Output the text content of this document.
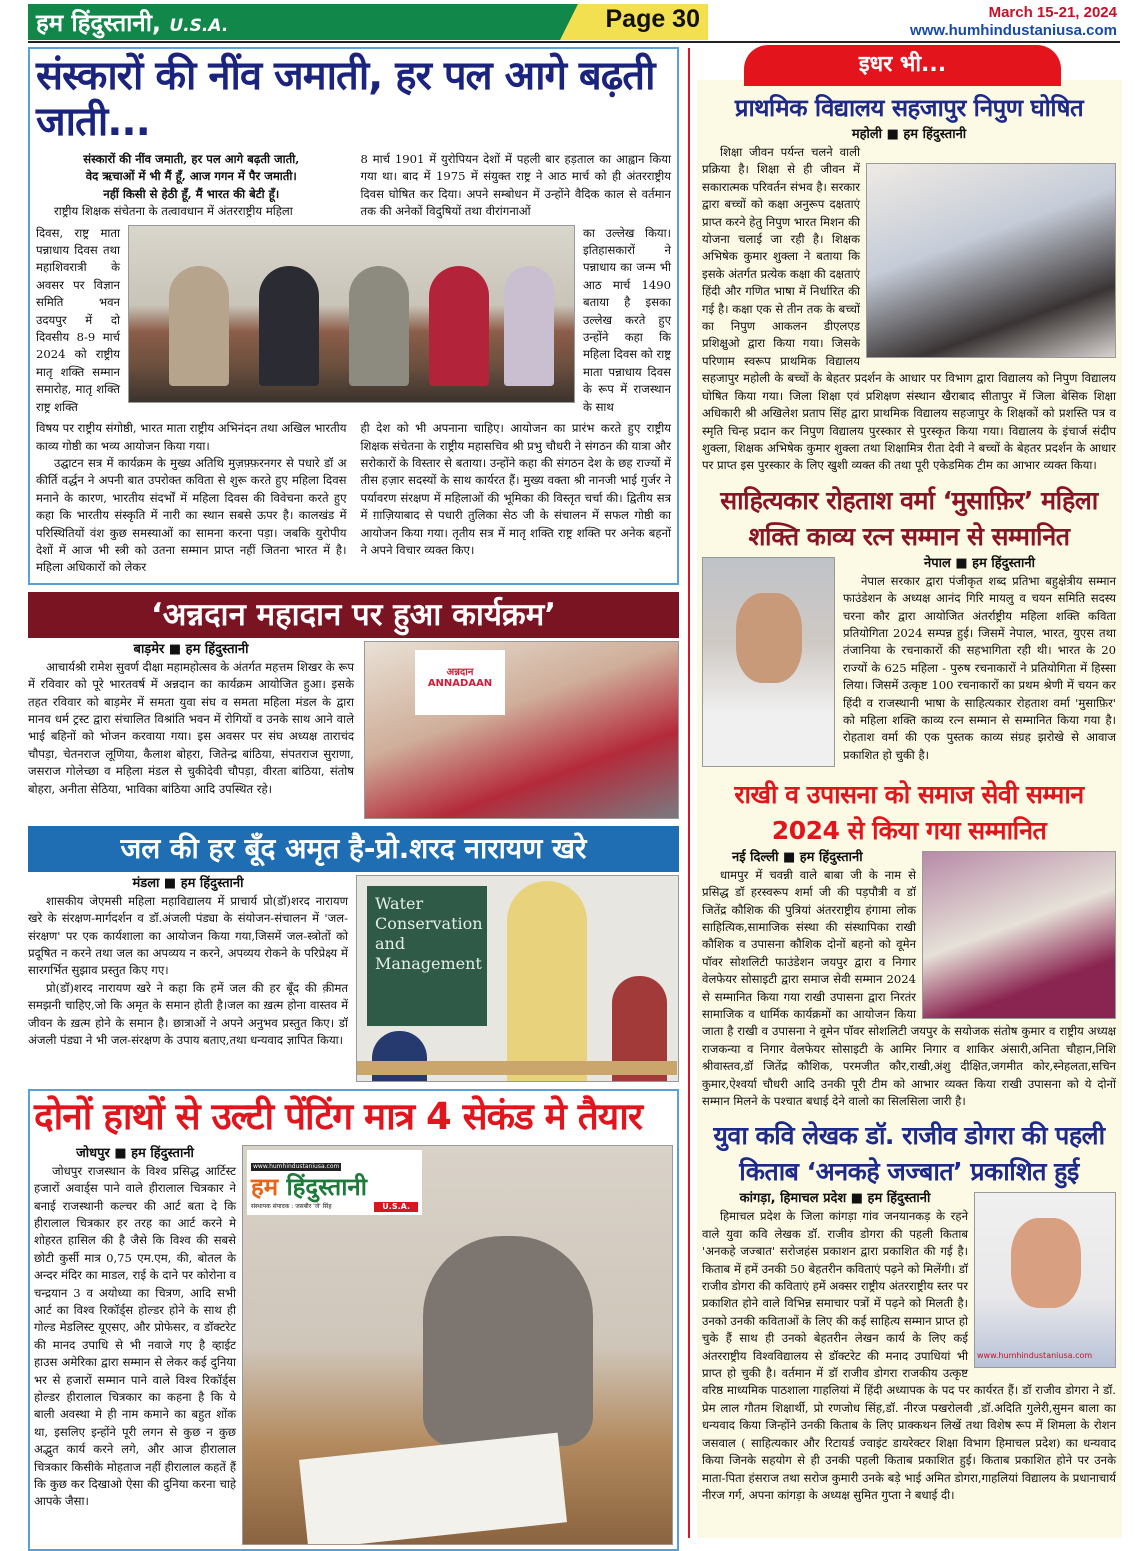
हम हिंदुस्तानी, U.S.A.	Page 30	March 15-21, 2024
www.humhindustaniusa.com
संस्कारों की नींव जमाती, हर पल आगे बढ़ती जाती...
संस्कारों की नींव जमाती, हर पल आगे बढ़ती जाती,
वेद ऋचाओं में भी मैं हूँ, आज गगन में पैर जमाती।
नहीं किसी से हेठी हूँ, मैं भारत की बेटी हूँ।
राष्ट्रीय शिक्षक संचेतना के तत्वावधान में अंतरराष्ट्रीय महिला
8 मार्च 1901 में युरोपियन देशों में पहली बार हड़ताल का आह्वान किया गया था। बाद में 1975 में संयुक्त राष्ट्र ने आठ मार्च को ही अंतरराष्ट्रीय दिवस घोषित कर दिया। अपने सम्बोधन में उन्होंने वैदिक काल से वर्तमान तक की अनेकों विदुषियों तथा वीरांगनाओं
दिवस, राष्ट्र माता पन्नाधाय दिवस तथा महाशिवरात्री के अवसर पर विज्ञान समिति भवन उदयपुर में दो दिवसीय 8-9 मार्च 2024 को राष्ट्रीय मातृ शक्ति सम्मान समारोह, मातृ शक्ति राष्ट्र शक्ति
का उल्लेख किया। इतिहासकारों ने पन्नाधाय का जन्म भी आठ मार्च 1490 बताया है इसका उल्लेख करते हुए उन्होंने कहा कि महिला दिवस को राष्ट्र माता पन्नाधाय दिवस के रूप में राजस्थान के साथ
विषय पर राष्ट्रीय संगोष्ठी, भारत माता राष्ट्रीय अभिनंदन तथा अखिल भारतीय काव्य गोष्ठी का भव्य आयोजन किया गया।
उद्घाटन सत्र में कार्यक्रम के मुख्य अतिथि मुज़फ़्फ़रनगर से पधारे डॉ अ कीर्ति वर्द्धन ने अपनी बात उपरोक्त कविता से शुरू करते हुए महिला दिवस मनाने के कारण, भारतीय संदर्भों में महिला दिवस की विवेचना करते हुए कहा कि भारतीय संस्कृति में नारी का स्थान सबसे ऊपर है। कालखंड में परिस्थितियों वंश कुछ समस्याओं का सामना करना पड़ा। जबकि युरोपीय देशों में आज भी स्त्री को उतना सम्मान प्राप्त नहीं जितना भारत में है। महिला अधिकारों को लेकर
ही देश को भी अपनाना चाहिए। आयोजन का प्रारंभ करते हुए राष्ट्रीय शिक्षक संचेतना के राष्ट्रीय महासचिव श्री प्रभु चौधरी ने संगठन की यात्रा और सरोकारों के विस्तार से बताया। उन्होंने कहा की संगठन देश के छह राज्यों में तीस हज़ार सदस्यों के साथ कार्यरत हैं। मुख्य वक्ता श्री नानजी भाई गुर्जर ने पर्यावरण संरक्षण में महिलाओं की भूमिका की विस्तृत चर्चा की। द्वितीय सत्र में ग़ाज़ियाबाद से पधारी तुलिका सेठ जी के संचालन में सफल गोष्ठी का आयोजन किया गया। तृतीय सत्र में मातृ शक्ति राष्ट्र शक्ति पर अनेक बहनों ने अपने विचार व्यक्त किए।
‘अन्नदान महादान पर हुआ कार्यक्रम’
बाड़मेर ■ हम हिंदुस्तानी
आचार्यश्री रामेश सुवर्ण दीक्षा महामहोत्सव के अंतर्गत महत्तम शिखर के रूप में रविवार को पूरे भारतवर्ष में अन्नदान का कार्यक्रम आयोजित हुआ। इसके तहत रविवार को बाड़मेर में समता युवा संघ व समता महिला मंडल के द्वारा मानव धर्म ट्रस्ट द्वारा संचालित विश्रांति भवन में रोगियों व उनके साथ आने वाले भाई बहिनों को भोजन करवाया गया। इस अवसर पर संघ अध्यक्ष ताराचंद चौपड़ा, चेतनराज लूणिया, कैलाश बोहरा, जितेन्द्र बांठिया, संपतराज सुराणा, जसराज गोलेच्छा व महिला मंडल से चुकीदेवी चौपड़ा, वीरता बांठिया, संतोष बोहरा, अनीता सेठिया, भाविका बांठिया आदि उपस्थित रहे।
अन्नदान ANNADAAN
जल की हर बूँद अमृत है-प्रो.शरद नारायण खरे
मंडला ■ हम हिंदुस्तानी
शासकीय जेएमसी महिला महाविद्यालय में प्राचार्य प्रो(डॉ)शरद नारायण खरे के संरक्षण-मार्गदर्शन व डॉ.अंजली पंड्या के संयोजन-संचालन में 'जल-संरक्षण' पर एक कार्यशाला का आयोजन किया गया,जिसमें जल-स्त्रोतों को प्रदूषित न करने तथा जल का अपव्यय न करने, अपव्यय रोकने के परिप्रेक्ष्य में सारगर्भित सुझाव प्रस्तुत किए गए।
प्रो(डॉ)शरद नारायण खरे ने कहा कि हमें जल की हर बूँद की क़ीमत समझनी चाहिए,जो कि अमृत के समान होती है।जल का ख़त्म होना वास्तव में जीवन के ख़त्म होने के समान है। छात्राओं ने अपने अनुभव प्रस्तुत किए। डॉ अंजली पंड्या ने भी जल-संरक्षण के उपाय बताए,तथा धन्यवाद ज्ञापित किया।
Water Conservation and Management
दोनों हाथों से उल्टी पेंटिंग मात्र 4 सेकंड मे तैयार
जोधपुर ■ हम हिंदुस्तानी
जोधपुर राजस्थान के विश्व प्रसिद्ध आर्टिस्ट हजारों अवार्ड्स पाने वाले हीरालाल चित्रकार ने बनाई राजस्थानी कल्चर की आर्ट बता दे कि हीरालाल चित्रकार हर तरह का आर्ट करने मे शोहरत हासिल की है जैसे कि विश्व की सबसे छोटी कुर्सी मात्र 0,75 एम.एम, की, बोतल के अन्दर मंदिर का माडल, राई के दाने पर कोरोना व चन्द्रयान 3 व अयोध्या का चित्रण, आदि सभी आर्ट का विश्व रिकॉर्ड्स होल्डर होने के साथ ही गोल्ड मेडलिस्ट यूएसए, और प्रोफेसर, व डॉक्टरेट की मानद उपाधि से भी नवाजे गए है व्हाईट हाउस अमेरिका द्वारा सम्मान से लेकर कई दुनिया भर से हजारों सम्मान पाने वाले विश्व रिकॉर्ड्स होल्डर हीरालाल चित्रकार का कहना है कि ये बाली अवस्था मे ही नाम कमाने का बहुत शोंक था, इसलिए इन्होंने पूरी लगन से कुछ न कुछ अद्भुत कार्य करने लगे, और आज हीरालाल चित्रकार किसीके मोहताज नहीं हीरालाल कहतें हैं कि कुछ कर दिखाओ ऐसा की दुनिया करना चाहे आपके जैसा।
www.humhindustaniusa.com
हम हिंदुस्तानी
संस्थापक संपादक : जसबीर 'जे' सिंह	U.S.A.
इधर भी...
प्राथमिक विद्यालय सहजापुर निपुण घोषित
महोली ■ हम हिंदुस्तानी
शिक्षा जीवन पर्यन्त चलने वाली प्रक्रिया है। शिक्षा से ही जीवन में सकारात्मक परिवर्तन संभव है। सरकार द्वारा बच्चों को कक्षा अनुरूप दक्षताएं प्राप्त करने हेतु निपुण भारत मिशन की योजना चलाई जा रही है। शिक्षक अभिषेक कुमार शुक्ला ने बताया कि इसके अंतर्गत प्रत्येक कक्षा की दक्षताएं हिंदी और गणित भाषा में निर्धारित की गई है। कक्षा एक से तीन तक के बच्चों का निपुण आकलन डीएलएड प्रशिक्षुओ द्वारा किया गया। जिसके परिणाम स्वरूप प्राथमिक विद्यालय सहजापुर महोली के बच्चों के बेहतर प्रदर्शन के आधार पर विभाग द्वारा विद्यालय को निपुण विद्यालय घोषित किया गया। जिला शिक्षा एवं प्रशिक्षण संस्थान खैराबाद सीतापुर में जिला बेसिक शिक्षा अधिकारी श्री अखिलेश प्रताप सिंह द्वारा प्राथमिक विद्यालय सहजापुर के शिक्षकों को प्रशस्ति पत्र व स्मृति चिन्ह प्रदान कर निपुण विद्यालय पुरस्कार से पुरस्कृत किया गया। विद्यालय के इंचार्ज संदीप शुक्ला, शिक्षक अभिषेक कुमार शुक्ला तथा शिक्षामित्र रीता देवी ने बच्चों के बेहतर प्रदर्शन के आधार पर प्राप्त इस पुरस्कार के लिए खुशी व्यक्त की तथा पूरी एकेडमिक टीम का आभार व्यक्त किया।
साहित्यकार रोहताश वर्मा ‘मुसाफ़िर’ महिला शक्ति काव्य रत्न सम्मान से सम्मानित
नेपाल ■ हम हिंदुस्तानी
नेपाल सरकार द्वारा पंजीकृत शब्द प्रतिभा बहुक्षेत्रीय सम्मान फाउंडेशन के अध्यक्ष आनंद गिरि मायलु व चयन समिति सदस्य चरना कौर द्वारा आयोजित अंतर्राष्ट्रीय महिला शक्ति कविता प्रतियोगिता 2024 सम्पन्न हुई। जिसमें नेपाल, भारत, युएस तथा तंजानिया के रचनाकारों की सहभागिता रही थी। भारत के 20 राज्यों के 625 महिला - पुरुष रचनाकारों ने प्रतियोगिता में हिस्सा लिया। जिसमें उत्कृष्ट 100 रचनाकारों का प्रथम श्रेणी में चयन कर हिंदी व राजस्थानी भाषा के साहित्यकार रोहताश वर्मा 'मुसाफ़िर' को महिला शक्ति काव्य रत्न सम्मान से सम्मानित किया गया है। रोहताश वर्मा की एक पुस्तक काव्य संग्रह झरोखे से आवाज प्रकाशित हो चुकी है।
राखी व उपासना को समाज सेवी सम्मान 2024 से किया गया सम्मानित
नई दिल्ली ■ हम हिंदुस्तानी
धामपुर में चवन्नी वाले बाबा जी के नाम से प्रसिद्ध डॉ हरस्वरूप शर्मा जी की पड़पौत्री व डॉ जितेंद्र कौशिक की पुत्रियां अंतरराष्ट्रीय हंगामा लोक साहित्यिक,सामाजिक संस्था की संस्थापिका राखी कौशिक व उपासना कौशिक दोनों बहनो को वूमेन पॉवर सोशलिटी फाउंडेशन जयपुर द्वारा व निगार वेलफेयर सोसाइटी द्वारा समाज सेवी सम्मान 2024 से सम्मानित किया गया राखी उपासना द्वारा निरतंर सामाजिक व धार्मिक कार्यक्रमों का आयोजन किया जाता है राखी व उपासना ने वूमेन पॉवर सोशलिटी जयपुर के सयोजक संतोष कुमार व राष्ट्रीय अध्यक्ष राजकन्या व निगार वेलफेयर सोसाइटी के आमिर निगार व शाकिर अंसारी,अनिता चौहान,निशि श्रीवास्तव,डॉ जितेंद्र कौशिक, परमजीत कौर,राखी,अंशु दीक्षित,जगमीत कोर,स्नेहलता,सचिन कुमार,ऐश्वर्या चौधरी आदि उनकी पूरी टीम को आभार व्यक्त किया राखी उपासना को ये दोनों सम्मान मिलने के पश्चात बधाई देने वालो का सिलसिला जारी है।
युवा कवि लेखक डॉ. राजीव डोगरा की पहली किताब ‘अनकहे जज्बात’ प्रकाशित हुई
www.humhindustaniusa.com
कांगड़ा, हिमाचल प्रदेश ■ हम हिंदुस्तानी
हिमाचल प्रदेश के जिला कांगड़ा गांव जनयानकड़ के रहने वाले युवा कवि लेखक डॉ. राजीव डोगरा की पहली किताब 'अनकहे जज्बात' सरोजहंस प्रकाशन द्वारा प्रकाशित की गई है। किताब में हमें उनकी 50 बेहतरीन कविताएं पढ़ने को मिलेंगी। डॉ राजीव डोगरा की कविताएं हमें अक्सर राष्ट्रीय अंतरराष्ट्रीय स्तर पर प्रकाशित होने वाले विभिन्न समाचार पत्रों में पढ़ने को मिलती है। उनको उनकी कविताओं के लिए की कई साहित्य सम्मान प्राप्त हो चुके हैं साथ ही उनको बेहतरीन लेखन कार्य के लिए कई अंतरराष्ट्रीय विश्वविद्यालय से डॉक्टरेट की मनाद उपाधियां भी प्राप्त हो चुकी है। वर्तमान में डॉ राजीव डोगरा राजकीय उत्कृष्ट वरिष्ठ माध्यमिक पाठशाला गाहलियां में हिंदी अध्यापक के पद पर कार्यरत हैं। डॉ राजीव डोगरा ने डॉ. प्रेम लाल गौतम शिक्षार्थी, प्रो रणजोध सिंह,डॉ. नीरज पखरोलवी ,डॉ.अदिति गुलेरी,सुमन बाला का धन्यवाद किया जिन्होंने उनकी किताब के लिए प्राक्कथन लिखें तथा विशेष रूप में शिमला के रोशन जसवाल ( साहित्यकार और रिटायर्ड ज्वाइंट डायरेक्टर शिक्षा विभाग हिमाचल प्रदेश) का धन्यवाद किया जिनके सहयोग से ही उनकी पहली किताब प्रकाशित हुई। किताब प्रकाशित होने पर उनके माता-पिता हंसराज तथा सरोज कुमारी उनके बड़े भाई अमित डोगरा,गाहलियां विद्यालय के प्रधानाचार्य नीरज गर्ग, अपना कांगड़ा के अध्यक्ष सुमित गुप्ता ने बधाई दी।
